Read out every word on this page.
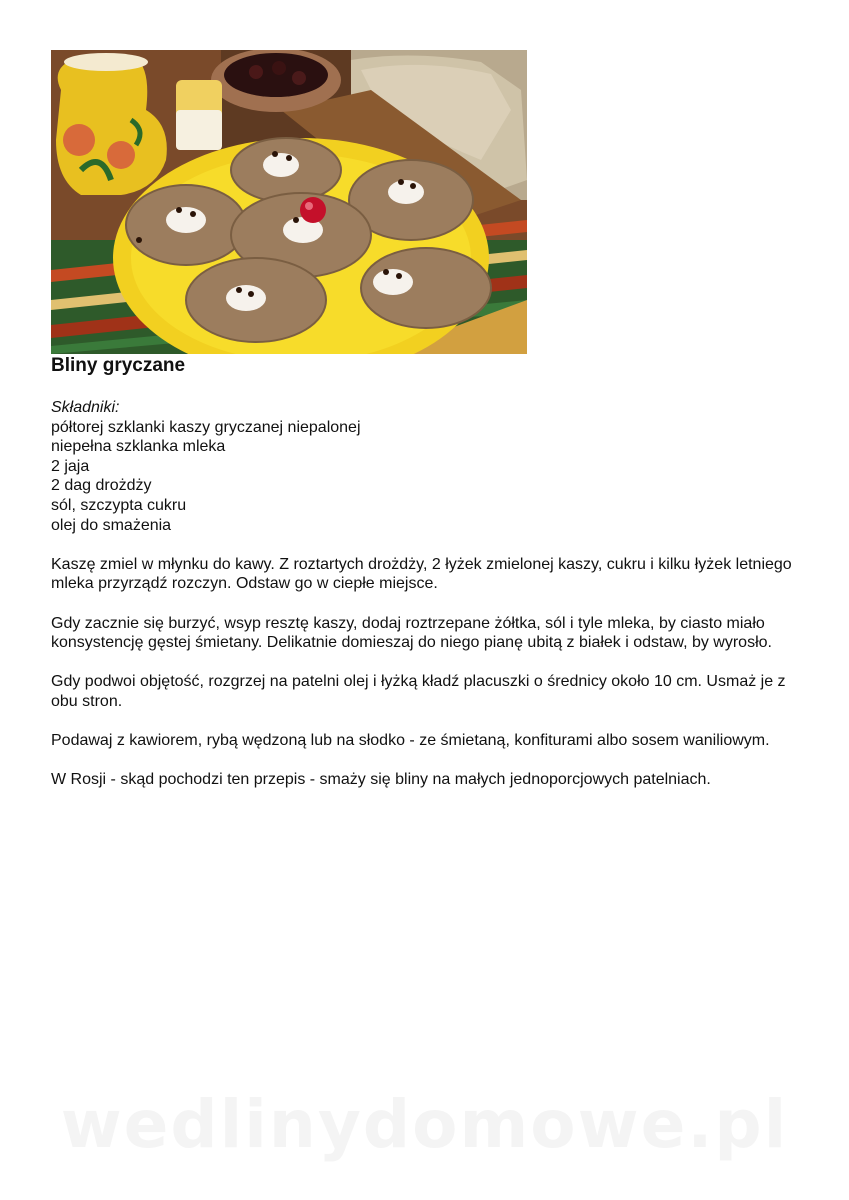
Bliny gryczane
Składniki:
półtorej szklanki kaszy gryczanej niepalonej
niepełna szklanka mleka
2 jaja
2 dag drożdży
sól, szczypta cukru
olej do smażenia

Kaszę zmiel w młynku do kawy. Z roztartych drożdży, 2 łyżek zmielonej kaszy, cukru i kilku łyżek letniego mleka przyrządź rozczyn. Odstaw go w ciepłe miejsce.

Gdy zacznie się burzyć, wsyp resztę kaszy, dodaj roztrzepane żółtka, sól i tyle mleka, by ciasto miało konsystencję gęstej śmietany. Delikatnie domieszaj do niego pianę ubitą z białek i odstaw, by wyrosło.

Gdy podwoi objętość, rozgrzej na patelni olej i łyżką kładź placuszki o średnicy około 10 cm. Usmaż je z obu stron.

Podawaj z kawiorem, rybą wędzoną lub na słodko - ze śmietaną, konfiturami albo sosem waniliowym.

W Rosji - skąd pochodzi ten przepis - smaży się bliny na małych jednoporcjowych patelniach.

wedlinydomowe.pl
